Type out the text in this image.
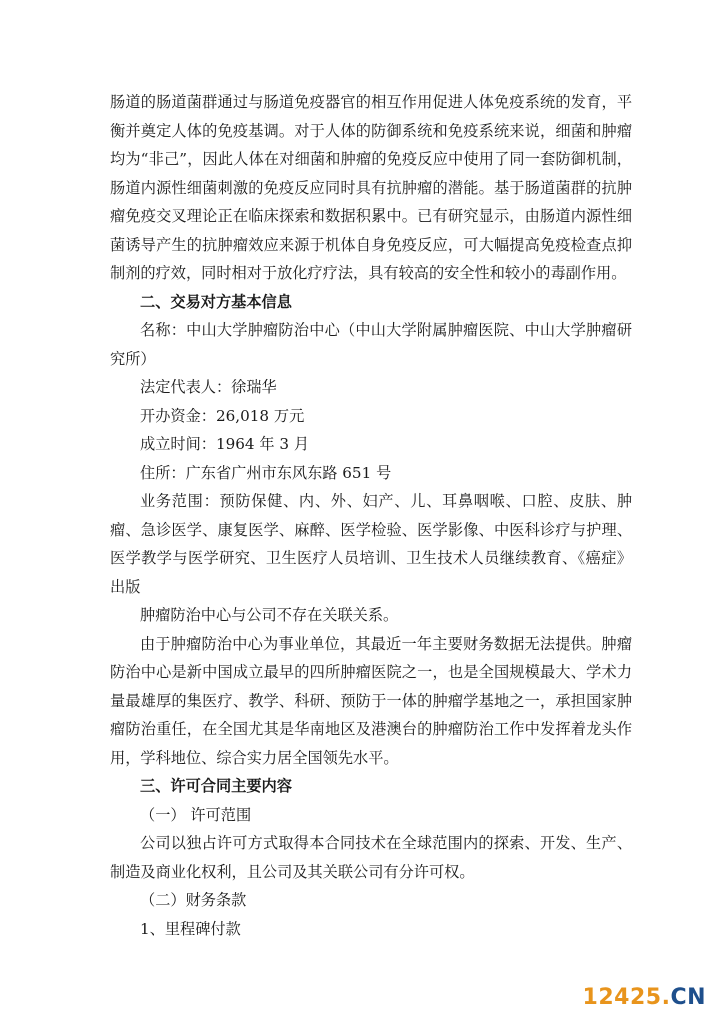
肠道的肠道菌群通过与肠道免疫器官的相互作用促进人体免疫系统的发育，平衡并奠定人体的免疫基调。对于人体的防御系统和免疫系统来说，细菌和肿瘤均为“非己”，因此人体在对细菌和肿瘤的免疫反应中使用了同一套防御机制，肠道内源性细菌刺激的免疫反应同时具有抗肿瘤的潜能。基于肠道菌群的抗肿瘤免疫交叉理论正在临床探索和数据积累中。已有研究显示，由肠道内源性细菌诱导产生的抗肿瘤效应来源于机体自身免疫反应，可大幅提高免疫检查点抑制剂的疗效，同时相对于放化疗疗法，具有较高的安全性和较小的毒副作用。

二、交易对方基本信息

名称：中山大学肿瘤防治中心（中山大学附属肿瘤医院、中山大学肿瘤研究所）

法定代表人：徐瑞华

开办资金：26,018 万元

成立时间：1964 年 3 月

住所：广东省广州市东风东路 651 号

业务范围：预防保健、内、外、妇产、儿、耳鼻咽喉、口腔、皮肤、肿瘤、急诊医学、康复医学、麻醉、医学检验、医学影像、中医科诊疗与护理、医学教学与医学研究、卫生医疗人员培训、卫生技术人员继续教育、《癌症》出版

肿瘤防治中心与公司不存在关联关系。

由于肿瘤防治中心为事业单位，其最近一年主要财务数据无法提供。肿瘤防治中心是新中国成立最早的四所肿瘤医院之一，也是全国规模最大、学术力量最雄厚的集医疗、教学、科研、预防于一体的肿瘤学基地之一，承担国家肿瘤防治重任，在全国尤其是华南地区及港澳台的肿瘤防治工作中发挥着龙头作用，学科地位、综合实力居全国领先水平。

三、许可合同主要内容

（一） 许可范围

公司以独占许可方式取得本合同技术在全球范围内的探索、开发、生产、制造及商业化权利，且公司及其关联公司有分许可权。

（二）财务条款

1、里程碑付款

12425.CN
